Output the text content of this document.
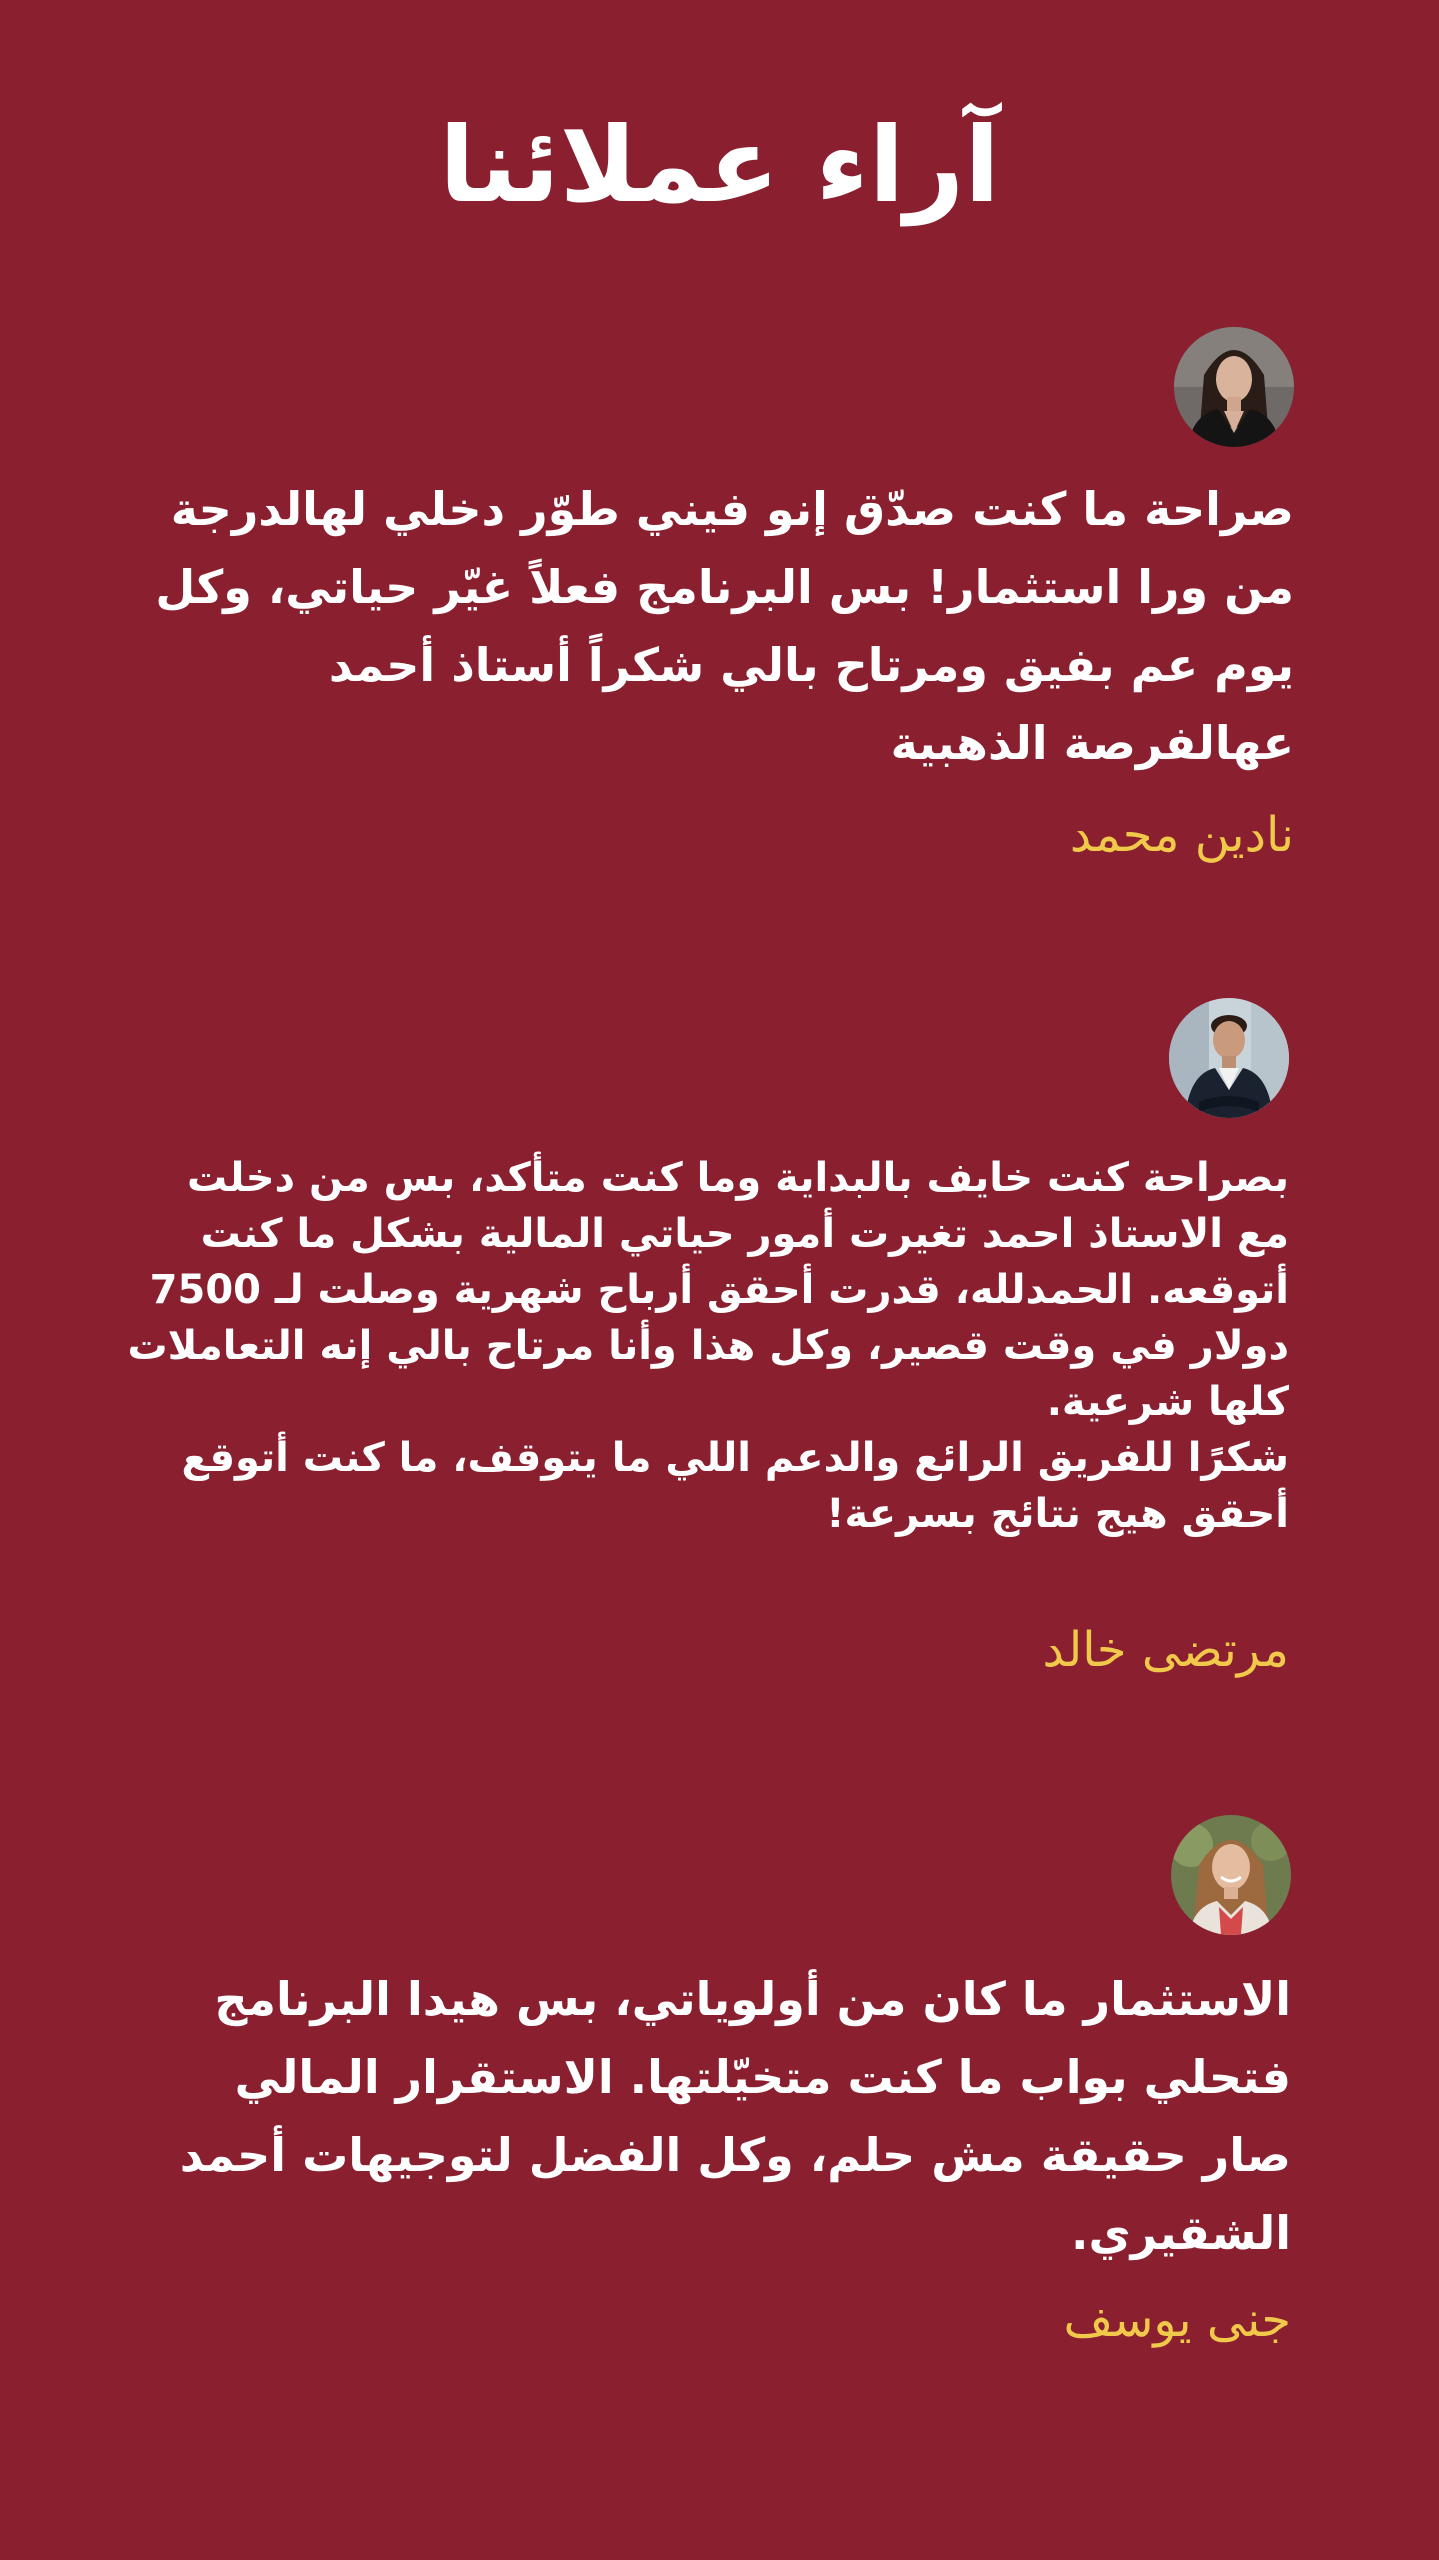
آراء عملائنا

صراحة ما كنت صدّق إنو فيني طوّر دخلي لهالدرجة
من ورا استثمار! بس البرنامج فعلاً غيّر حياتي، وكل
يوم عم بفيق ومرتاح بالي شكراً أستاذ أحمد
عهالفرصة الذهبية

نادين محمد

بصراحة كنت خايف بالبداية وما كنت متأكد، بس من دخلت
مع الاستاذ احمد تغيرت أمور حياتي المالية بشكل ما كنت
أتوقعه. الحمدلله، قدرت أحقق أرباح شهرية وصلت لـ 7500
دولار في وقت قصير، وكل هذا وأنا مرتاح بالي إنه التعاملات
كلها شرعية.
شكرًا للفريق الرائع والدعم اللي ما يتوقف، ما كنت أتوقع
أحقق هيج نتائج بسرعة!

مرتضى خالد

الاستثمار ما كان من أولوياتي، بس هيدا البرنامج
فتحلي بواب ما كنت متخيّلتها. الاستقرار المالي
صار حقيقة مش حلم، وكل الفضل لتوجيهات أحمد
الشقيري.

جنى يوسف
